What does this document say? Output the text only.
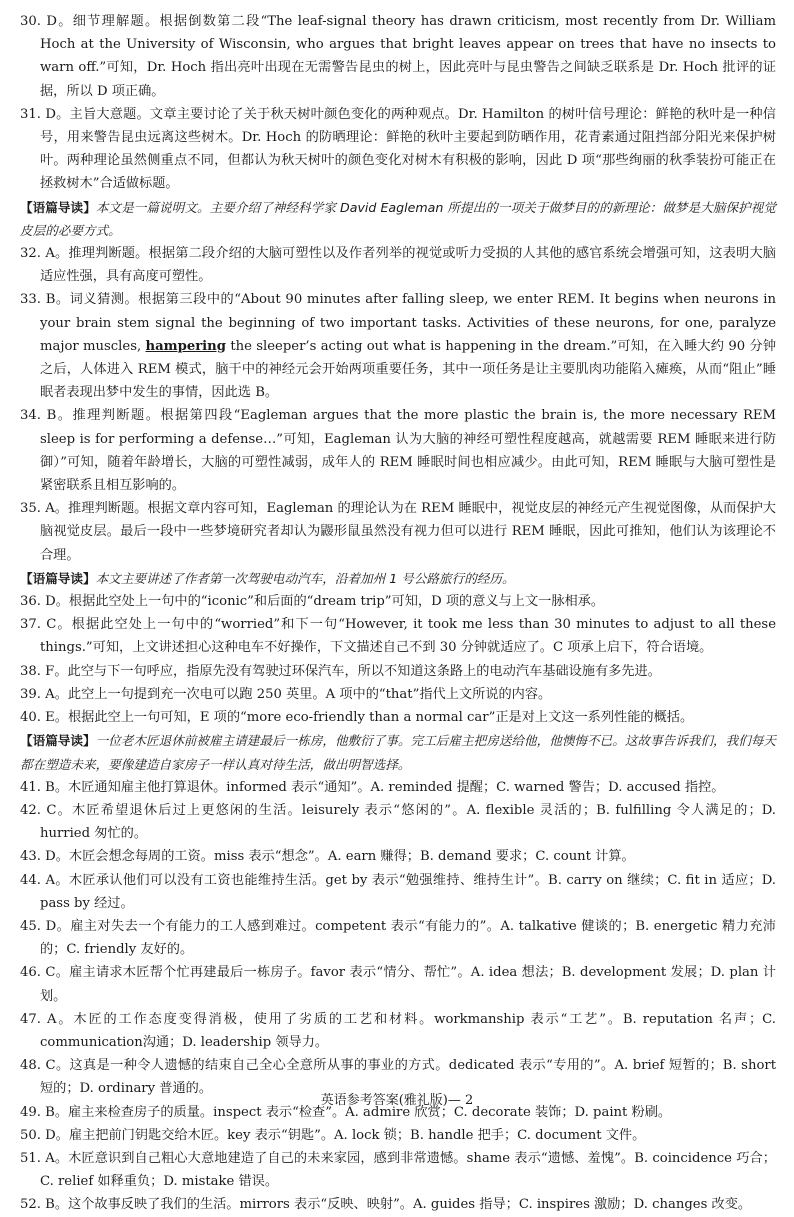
30. D。细节理解题。根据倒数第二段“The leaf-signal theory has drawn criticism, most recently from Dr. William Hoch at the University of Wisconsin, who argues that bright leaves appear on trees that have no insects to warn off.”可知，Dr. Hoch 指出亮叶出现在无需警告昆虫的树上，因此亮叶与昆虫警告之间缺乏联系是 Dr. Hoch 批评的证据，所以 D 项正确。

31. D。主旨大意题。文章主要讨论了关于秋天树叶颜色变化的两种观点。Dr. Hamilton 的树叶信号理论：鲜艳的秋叶是一种信号，用来警告昆虫远离这些树木。Dr. Hoch 的防晒理论：鲜艳的秋叶主要起到防晒作用，花青素通过阻挡部分阳光来保护树叶。两种理论虽然侧重点不同，但都认为秋天树叶的颜色变化对树木有积极的影响，因此 D 项“那些绚丽的秋季装扮可能正在拯救树木”合适做标题。

【语篇导读】本文是一篇说明文。主要介绍了神经科学家 David Eagleman 所提出的一项关于做梦目的的新理论：做梦是大脑保护视觉皮层的必要方式。

32. A。推理判断题。根据第二段介绍的大脑可塑性以及作者列举的视觉或听力受损的人其他的感官系统会增强可知，这表明大脑适应性强，具有高度可塑性。

33. B。词义猜测。根据第三段中的“About 90 minutes after falling sleep, we enter REM. It begins when neurons in your brain stem signal the beginning of two important tasks. Activities of these neurons, for one, paralyze major muscles, hampering the sleeper’s acting out what is happening in the dream.”可知，在入睡大约 90 分钟之后，人体进入 REM 模式，脑干中的神经元会开始两项重要任务，其中一项任务是让主要肌肉功能陷入瘫痪，从而“阻止”睡眠者表现出梦中发生的事情，因此选 B。

34. B。推理判断题。根据第四段“Eagleman argues that the more plastic the brain is, the more necessary REM sleep is for performing a defense…”可知，Eagleman 认为大脑的神经可塑性程度越高，就越需要 REM 睡眠来进行防御）”可知，随着年龄增长，大脑的可塑性减弱，成年人的 REM 睡眠时间也相应减少。由此可知，REM 睡眠与大脑可塑性是紧密联系且相互影响的。

35. A。推理判断题。根据文章内容可知，Eagleman 的理论认为在 REM 睡眠中，视觉皮层的神经元产生视觉图像，从而保护大脑视觉皮层。最后一段中一些梦境研究者却认为鼹形鼠虽然没有视力但可以进行 REM 睡眠，因此可推知，他们认为该理论不合理。

【语篇导读】本文主要讲述了作者第一次驾驶电动汽车，沿着加州 1 号公路旅行的经历。

36. D。根据此空处上一句中的“iconic”和后面的“dream trip”可知，D 项的意义与上文一脉相承。

37. C。根据此空处上一句中的“worried”和下一句“However, it took me less than 30 minutes to adjust to all these things.”可知，上文讲述担心这种电车不好操作，下文描述自己不到 30 分钟就适应了。C 项承上启下，符合语境。

38. F。此空与下一句呼应，指原先没有驾驶过环保汽车，所以不知道这条路上的电动汽车基础设施有多先进。

39. A。此空上一句提到充一次电可以跑 250 英里。A 项中的“that”指代上文所说的内容。

40. E。根据此空上一句可知，E 项的“more eco-friendly than a normal car”正是对上文这一系列性能的概括。

【语篇导读】一位老木匠退休前被雇主请建最后一栋房，他敷衍了事。完工后雇主把房送给他，他懊悔不已。这故事告诉我们，我们每天都在塑造未来，要像建造自家房子一样认真对待生活，做出明智选择。

41. B。木匠通知雇主他打算退休。informed 表示“通知”。A. reminded 提醒；C. warned 警告；D. accused 指控。

42. C。木匠希望退休后过上更悠闲的生活。leisurely 表示“悠闲的”。A. flexible 灵活的；B. fulfilling 令人满足的；D. hurried 匆忙的。

43. D。木匠会想念每周的工资。miss 表示“想念”。A. earn 赚得；B. demand 要求；C. count 计算。

44. A。木匠承认他们可以没有工资也能维持生活。get by 表示“勉强维持、维持生计”。B. carry on 继续；C. fit in 适应；D. pass by 经过。

45. D。雇主对失去一个有能力的工人感到难过。competent 表示“有能力的”。A. talkative 健谈的；B. energetic 精力充沛的；C. friendly 友好的。

46. C。雇主请求木匠帮个忙再建最后一栋房子。favor 表示“情分、帮忙”。A. idea 想法；B. development 发展；D. plan 计划。

47. A。木匠的工作态度变得消极，使用了劣质的工艺和材料。workmanship 表示“工艺”。B. reputation 名声；C. communication沟通；D. leadership 领导力。

48. C。这真是一种令人遗憾的结束自己全心全意所从事的事业的方式。dedicated 表示“专用的”。A. brief 短暂的；B. short 短的；D. ordinary 普通的。

49. B。雇主来检查房子的质量。inspect 表示“检查”。A. admire 欣赏；C. decorate 装饰；D. paint 粉刷。

50. D。雇主把前门钥匙交给木匠。key 表示“钥匙”。A. lock 锁；B. handle 把手；C. document 文件。

51. A。木匠意识到自己粗心大意地建造了自己的未来家园，感到非常遗憾。shame 表示“遗憾、羞愧”。B. coincidence 巧合；C. relief 如释重负；D. mistake 错误。

52. B。这个故事反映了我们的生活。mirrors 表示“反映、映射”。A. guides 指导；C. inspires 激励；D. changes 改变。

英语参考答案(雅礼版)— 2
